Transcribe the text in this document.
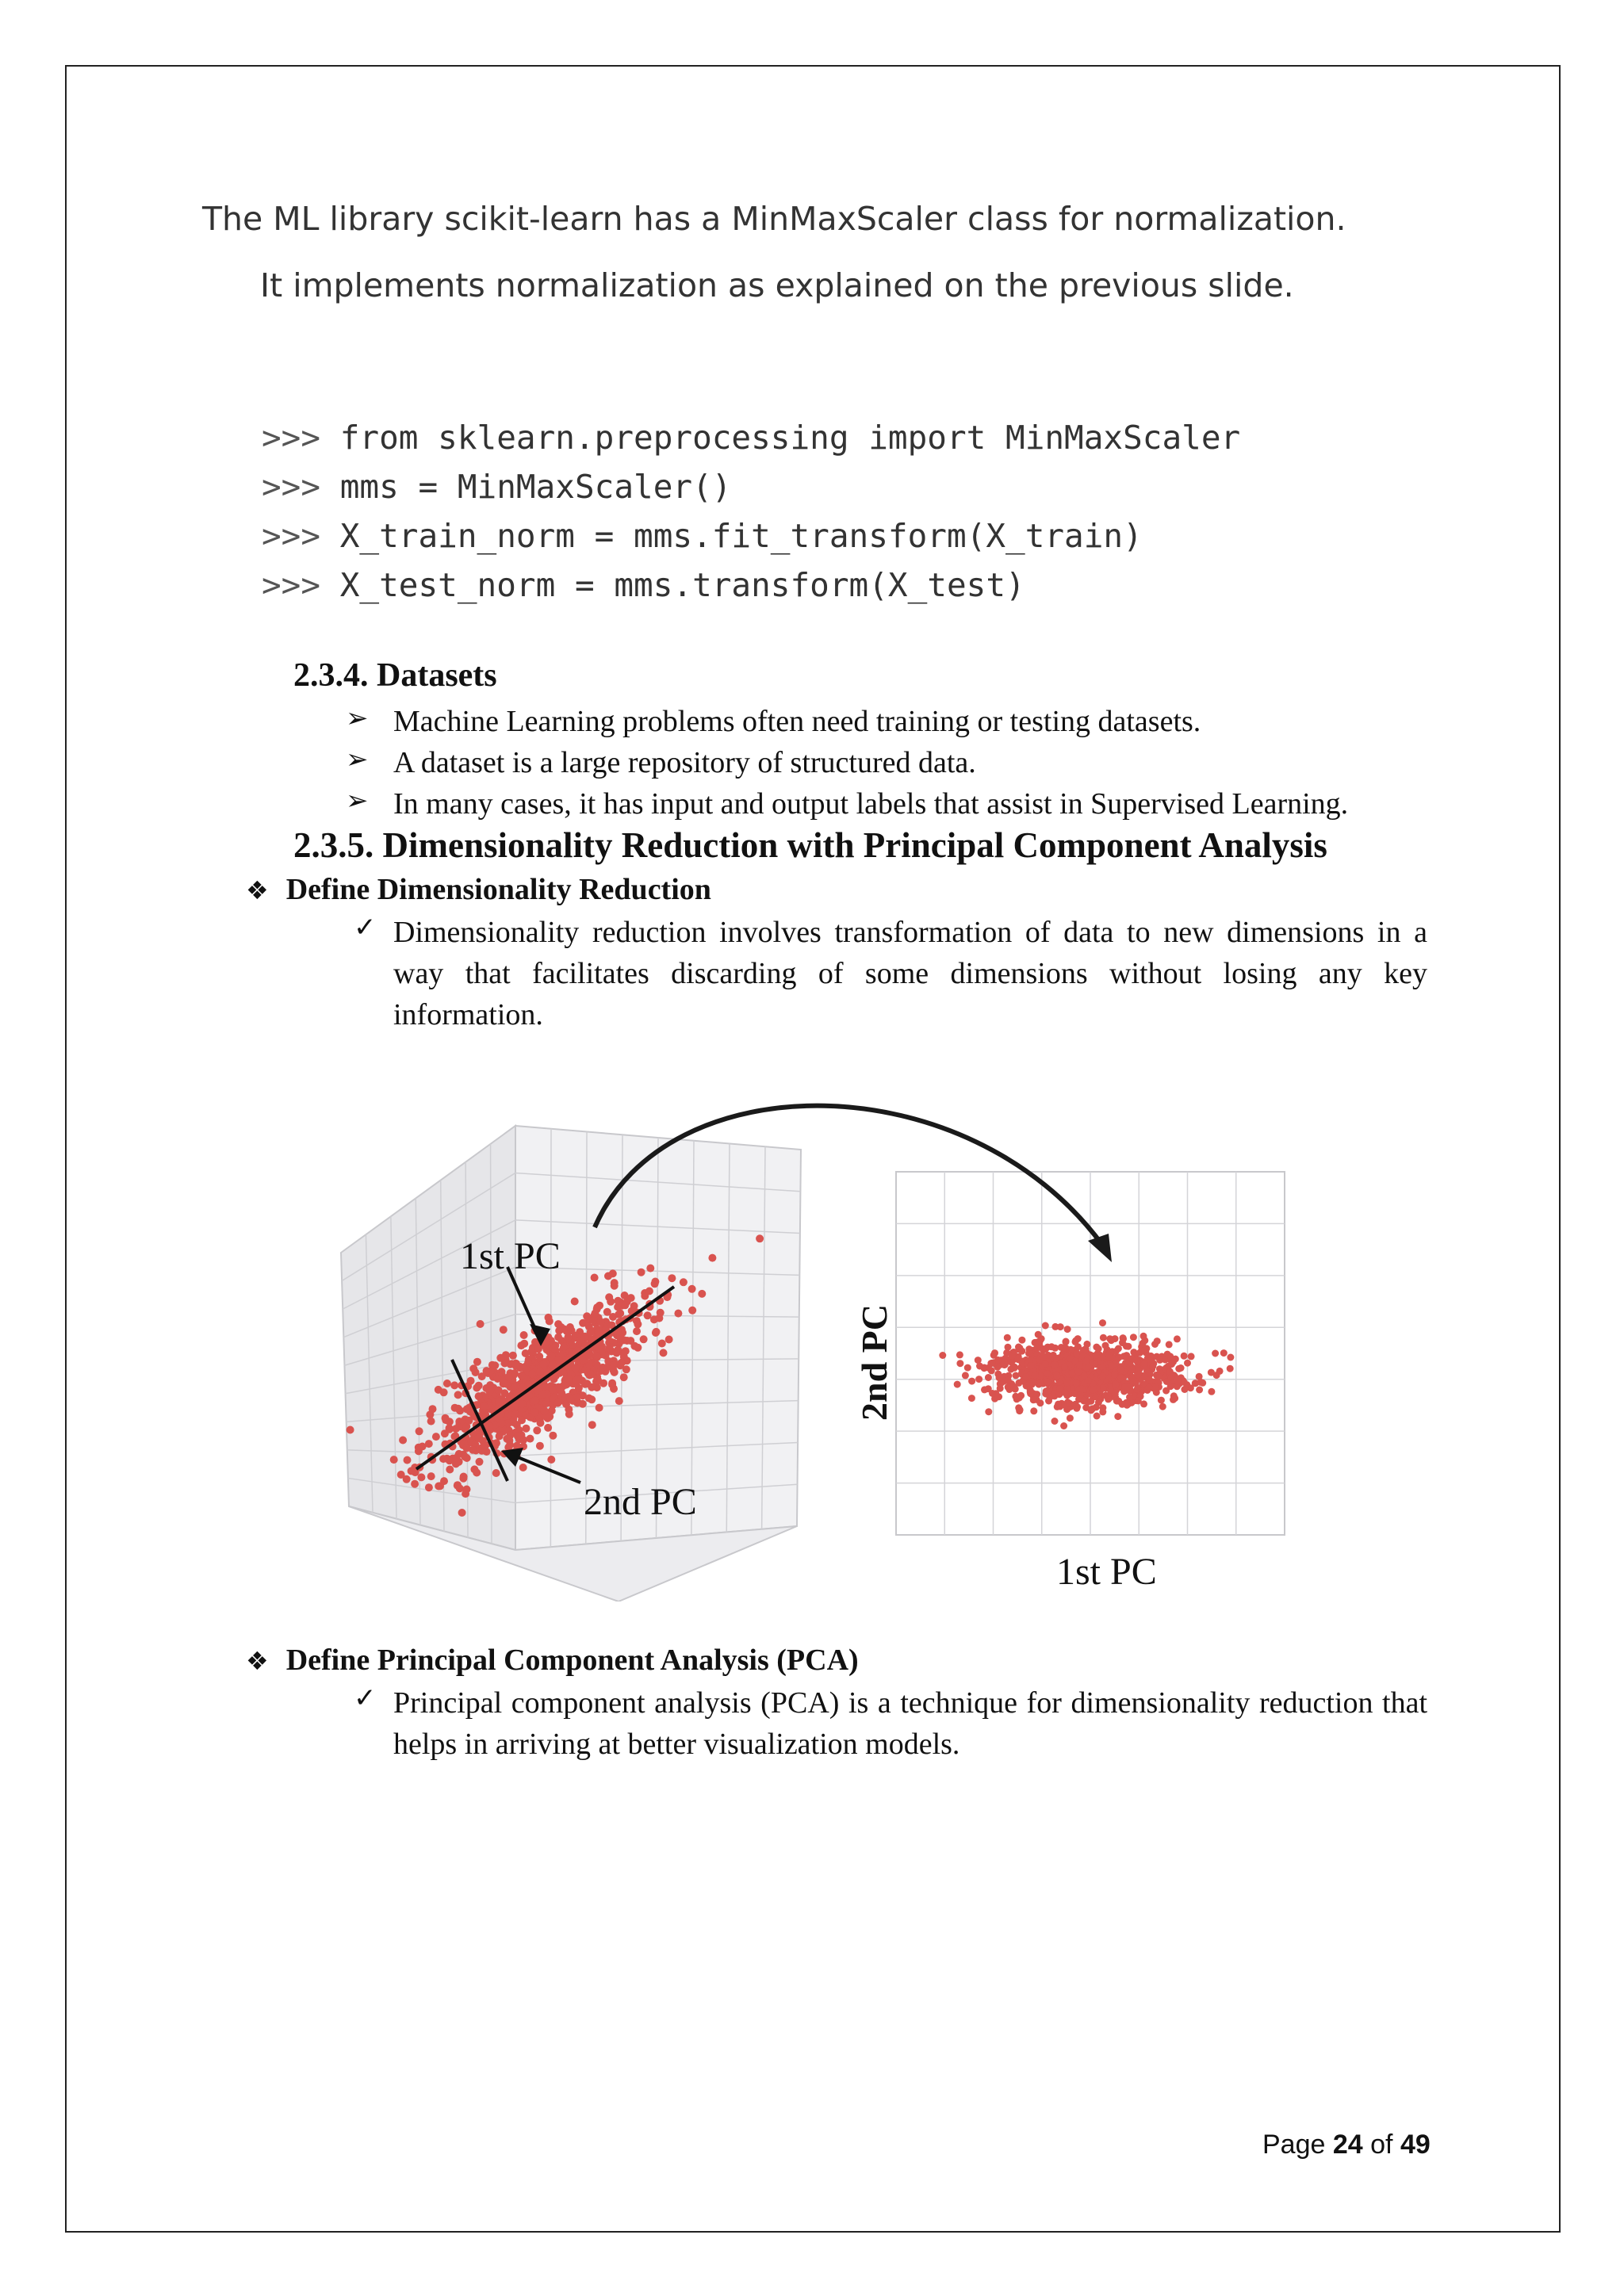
The ML library scikit-learn has a MinMaxScaler class for normalization.
It implements normalization as explained on the previous slide.
>>> from sklearn.preprocessing import MinMaxScaler
>>> mms = MinMaxScaler()
>>> X_train_norm = mms.fit_transform(X_train)
>>> X_test_norm = mms.transform(X_test)
2.3.4. Datasets
➢ Machine Learning problems often need training or testing datasets.
➢ A dataset is a large repository of structured data.
➢ In many cases, it has input and output labels that assist in Supervised Learning.
2.3.5. Dimensionality Reduction with Principal Component Analysis
❖ Define Dimensionality Reduction
✓ Dimensionality reduction involves transformation of data to new dimensions in a way that facilitates discarding of some dimensions without losing any key information.
1st PC
2nd PC
2nd PC
1st PC
❖ Define Principal Component Analysis (PCA)
✓ Principal component analysis (PCA) is a technique for dimensionality reduction that helps in arriving at better visualization models.
Page 24 of 49
